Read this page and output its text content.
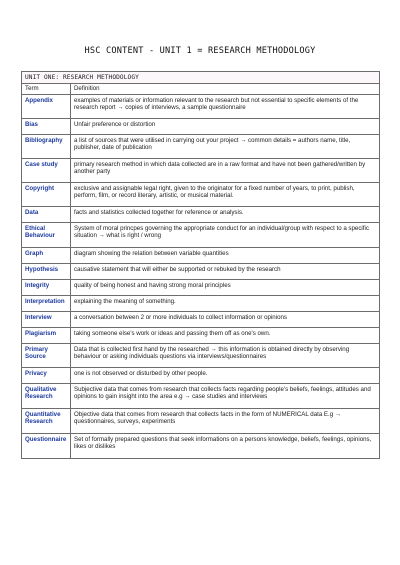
HSC CONTENT - UNIT 1 = RESEARCH METHODOLOGY
UNIT ONE: RESEARCH METHODOLOGY	
Term	Definition
Appendix	examples of materials or information relevant to the research but not essential to specific elements of the research report → copies of interviews, a sample questionnaire
Bias	Unfair preference or distortion
Bibliography	a list of sources that were utilised in carrying out your project → common details = authors name, title, publisher, date of publication
Case study	primary research method in which data collected are in a raw format and have not been gathered/written by another party
Copyright	exclusive and assignable legal right, given to the originator for a fixed number of years, to print, publish, perform, film, or record literary, artistic, or musical material.
Data	facts and statistics collected together for reference or analysis.
Ethical Behaviour	System of moral princpes governing the appropriate conduct for an individual/group with respect to a specific situation → what is right / wrong
Graph	diagram showing the relation between variable quantities
Hypothesis	causative statement that will either be supported or rebuked by the research
Integrity	quality of being honest and having strong moral principles
Interpretation	explaining the meaning of something.
Interview	a conversation between 2 or more individuals to collect information or opinions
Plagiarism	taking someone else's work or ideas and passing them off as one's own.
Primary Source	Data that is collected first hand by the researched → this information is obtained directly by observing behaviour or asking individuals questions via interviews/questionnaires
Privacy	one is not observed or disturbed by other people.
Qualitative Research	Subjective data that comes from research that collects facts regarding people's beliefs, feelings, attitudes and opinions to gain insight into the area e.g → case studies and interviews
Quantitative Research	Objective data that comes from research that collects facts in the form of NUMERICAL data E.g → questionnaires, surveys, experiments
Questionnaire	Set of formally prepared questions that seek informations on a persons knowledge, beliefs, feelings, opinions, likes or dislikes
